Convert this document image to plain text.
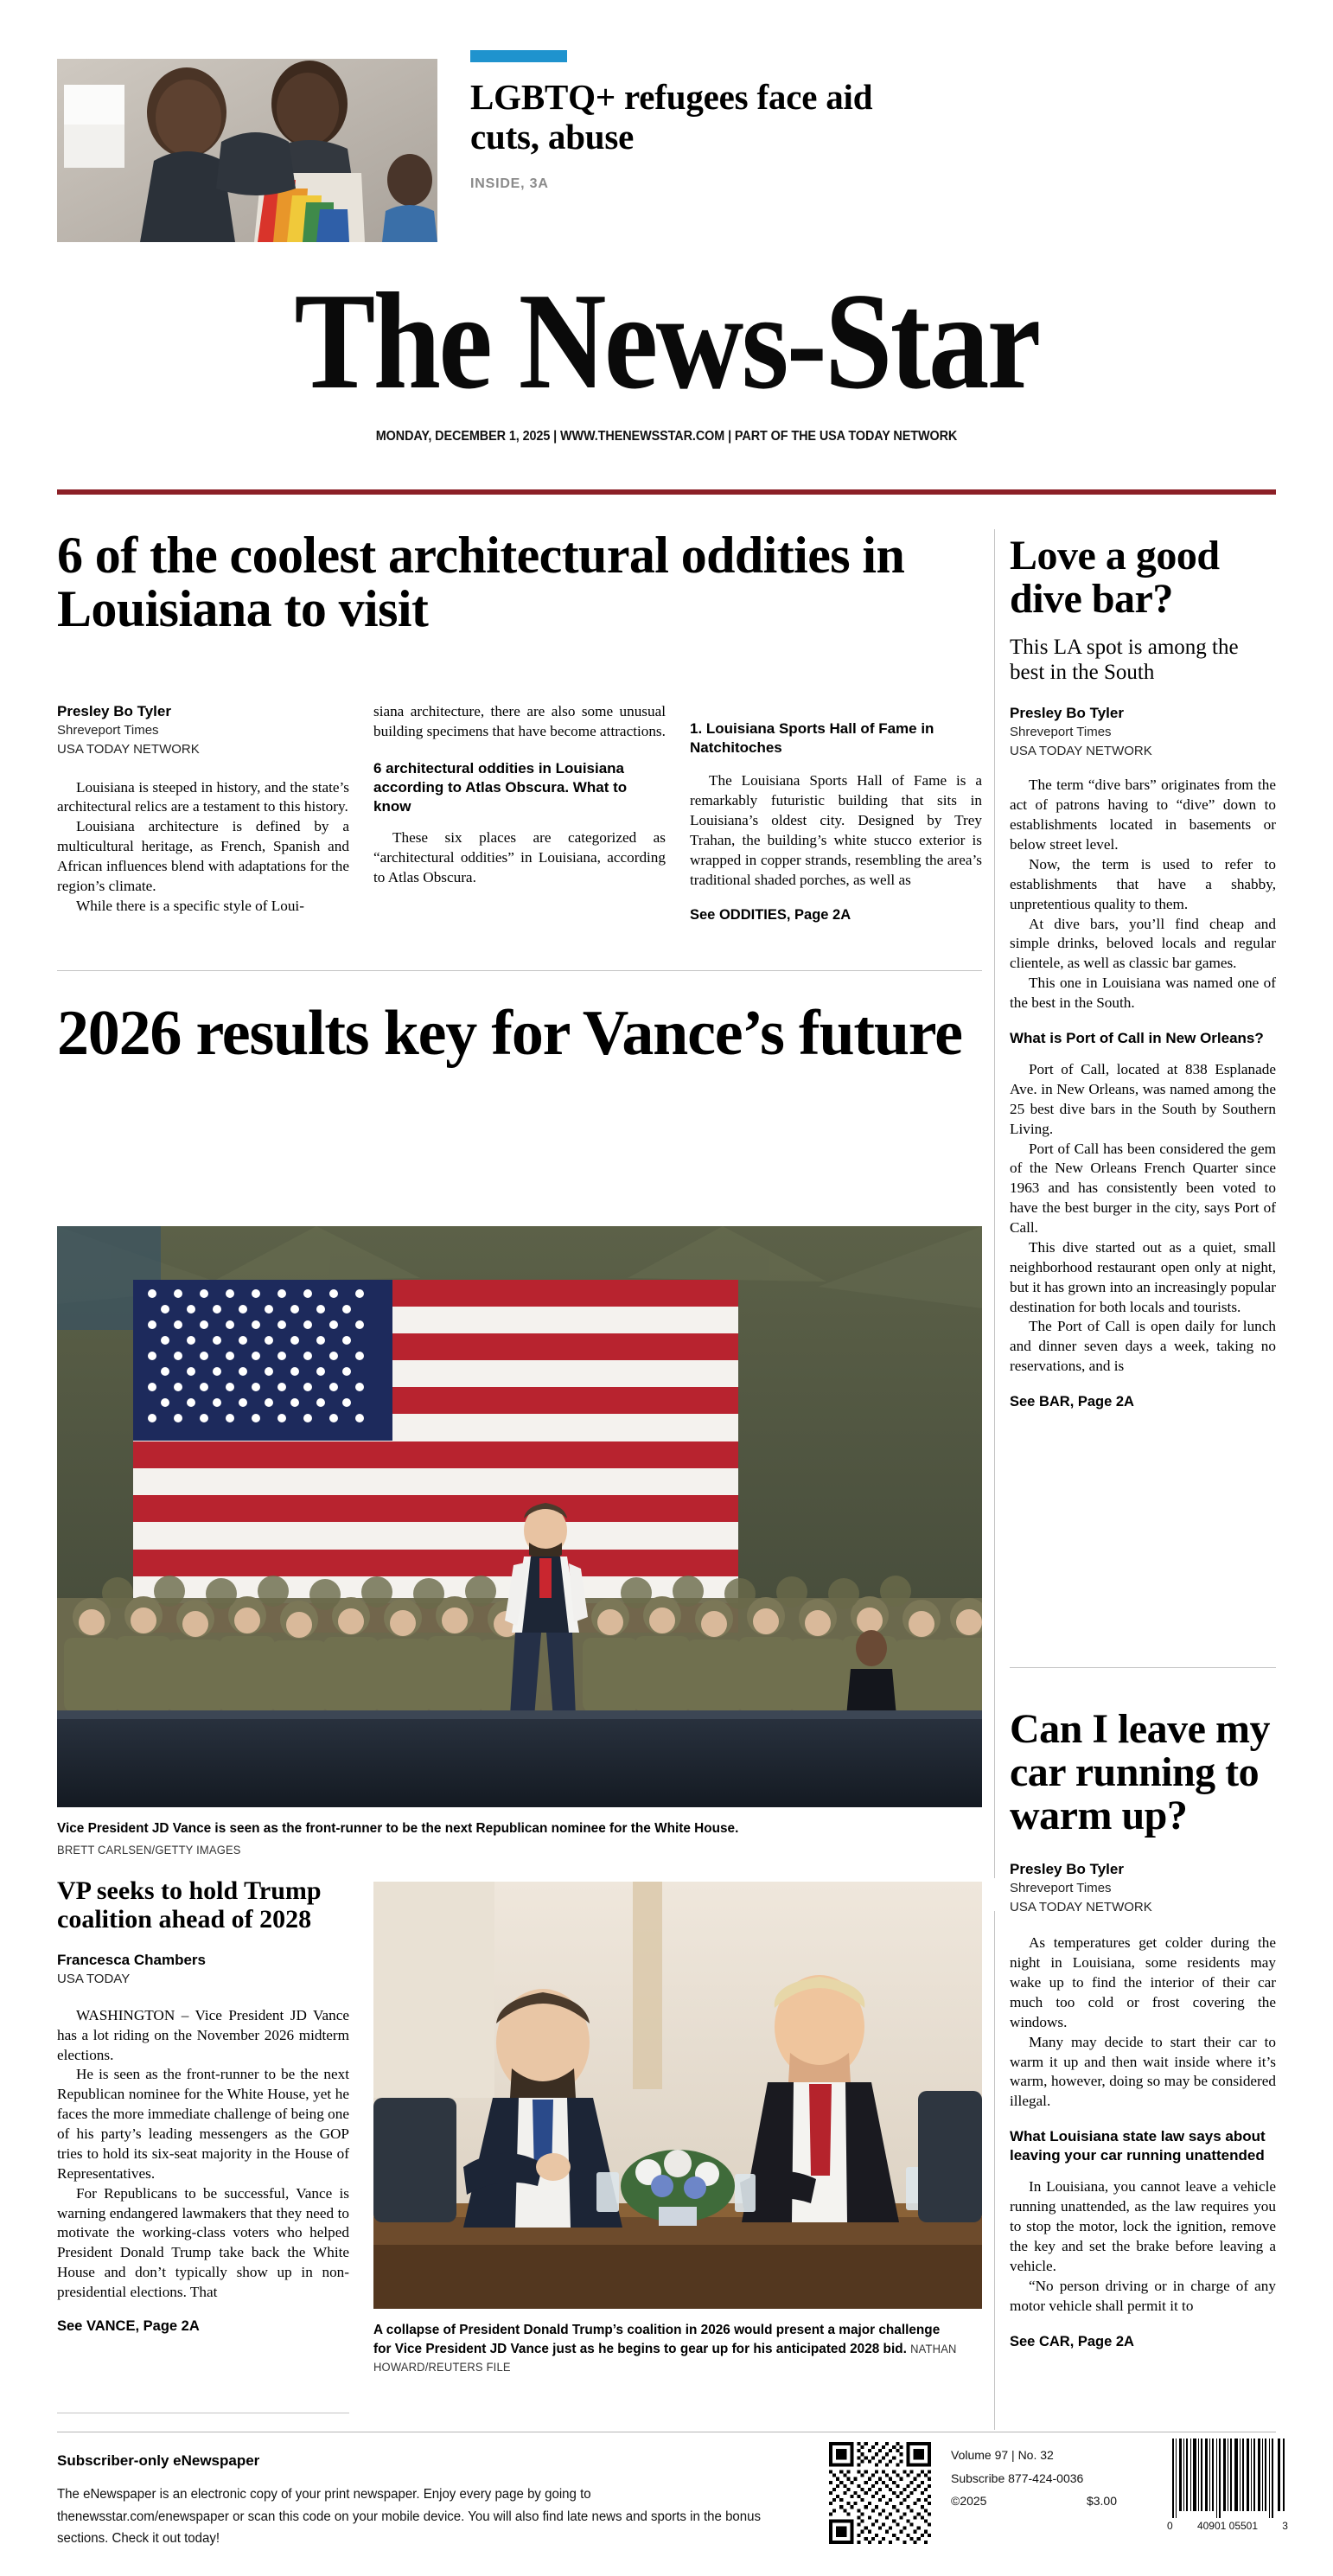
LGBTQ+ refugees face aid cuts, abuse
INSIDE, 3A
The News-Star
MONDAY, DECEMBER 1, 2025 | WWW.THENEWSSTAR.COM | PART OF THE USA TODAY NETWORK
6 of the coolest architectural oddities in Louisiana to visit
Presley Bo Tyler
Shreveport Times
USA TODAY NETWORK

Louisiana is steeped in history, and the state’s architectural relics are a testament to this history.

Louisiana architecture is defined by a multicultural heritage, as French, Spanish and African influences blend with adaptations for the region’s climate.

While there is a specific style of Loui-

siana architecture, there are also some unusual building specimens that have become attractions.

6 architectural oddities in Louisiana according to Atlas Obscura. What to know

These six places are categorized as “architectural oddities” in Louisiana, according to Atlas Obscura.

1. Louisiana Sports Hall of Fame in Natchitoches

The Louisiana Sports Hall of Fame is a remarkably futuristic building that sits in Louisiana’s oldest city. Designed by Trey Trahan, the building’s white stucco exterior is wrapped in copper strands, resembling the area’s traditional shaded porches, as well as

See ODDITIES, Page 2A
Love a good dive bar?
This LA spot is among the best in the South
Presley Bo Tyler
Shreveport Times
USA TODAY NETWORK

The term “dive bars” originates from the act of patrons having to “dive” down to establishments located in basements or below street level.

Now, the term is used to refer to establishments that have a shabby, unpretentious quality to them.

At dive bars, you’ll find cheap and simple drinks, beloved locals and regular clientele, as well as classic bar games.

This one in Louisiana was named one of the best in the South.

What is Port of Call in New Orleans?

Port of Call, located at 838 Esplanade Ave. in New Orleans, was named among the 25 best dive bars in the South by Southern Living.

Port of Call has been considered the gem of the New Orleans French Quarter since 1963 and has consistently been voted to have the best burger in the city, says Port of Call.

This dive started out as a quiet, small neighborhood restaurant open only at night, but it has grown into an increasingly popular destination for both locals and tourists.

The Port of Call is open daily for lunch and dinner seven days a week, taking no reservations, and is

See BAR, Page 2A
2026 results key for Vance’s future
Vice President JD Vance is seen as the front-runner to be the next Republican nominee for the White House.
BRETT CARLSEN/GETTY IMAGES
VP seeks to hold Trump coalition ahead of 2028
Francesca Chambers
USA TODAY

WASHINGTON – Vice President JD Vance has a lot riding on the November 2026 midterm elections.

He is seen as the front-runner to be the next Republican nominee for the White House, yet he faces the more immediate challenge of being one of his party’s leading messengers as the GOP tries to hold its six-seat majority in the House of Representatives.

For Republicans to be successful, Vance is warning endangered lawmakers that they need to motivate the working-class voters who helped President Donald Trump take back the White House and don’t typically show up in non-presidential elections. That

See VANCE, Page 2A	A collapse of President Donald Trump’s coalition in 2026 would present a major challenge for Vice President JD Vance just as he begins to gear up for his anticipated 2028 bid. NATHAN HOWARD/REUTERS FILE
Can I leave my car running to warm up?
Presley Bo Tyler
Shreveport Times
USA TODAY NETWORK

As temperatures get colder during the night in Louisiana, some residents may wake up to find the interior of their car much too cold or frost covering the windows.

Many may decide to start their car to warm it up and then wait inside where it’s warm, however, doing so may be considered illegal.

What Louisiana state law says about leaving your car running unattended

In Louisiana, you cannot leave a vehicle running unattended, as the law requires you to stop the motor, lock the ignition, remove the key and set the brake before leaving a vehicle.

“No person driving or in charge of any motor vehicle shall permit it to

See CAR, Page 2A
Subscriber-only eNewspaper
The eNewspaper is an electronic copy of your print newspaper. Enjoy every page by going to thenewsstar.com/enewspaper or scan this code on your mobile device. You will also find late news and sports in the bonus sections. Check it out today!
Volume 97 | No. 32
Subscribe 877-424-0036
©2025	$3.00
0 40901 05501 3
